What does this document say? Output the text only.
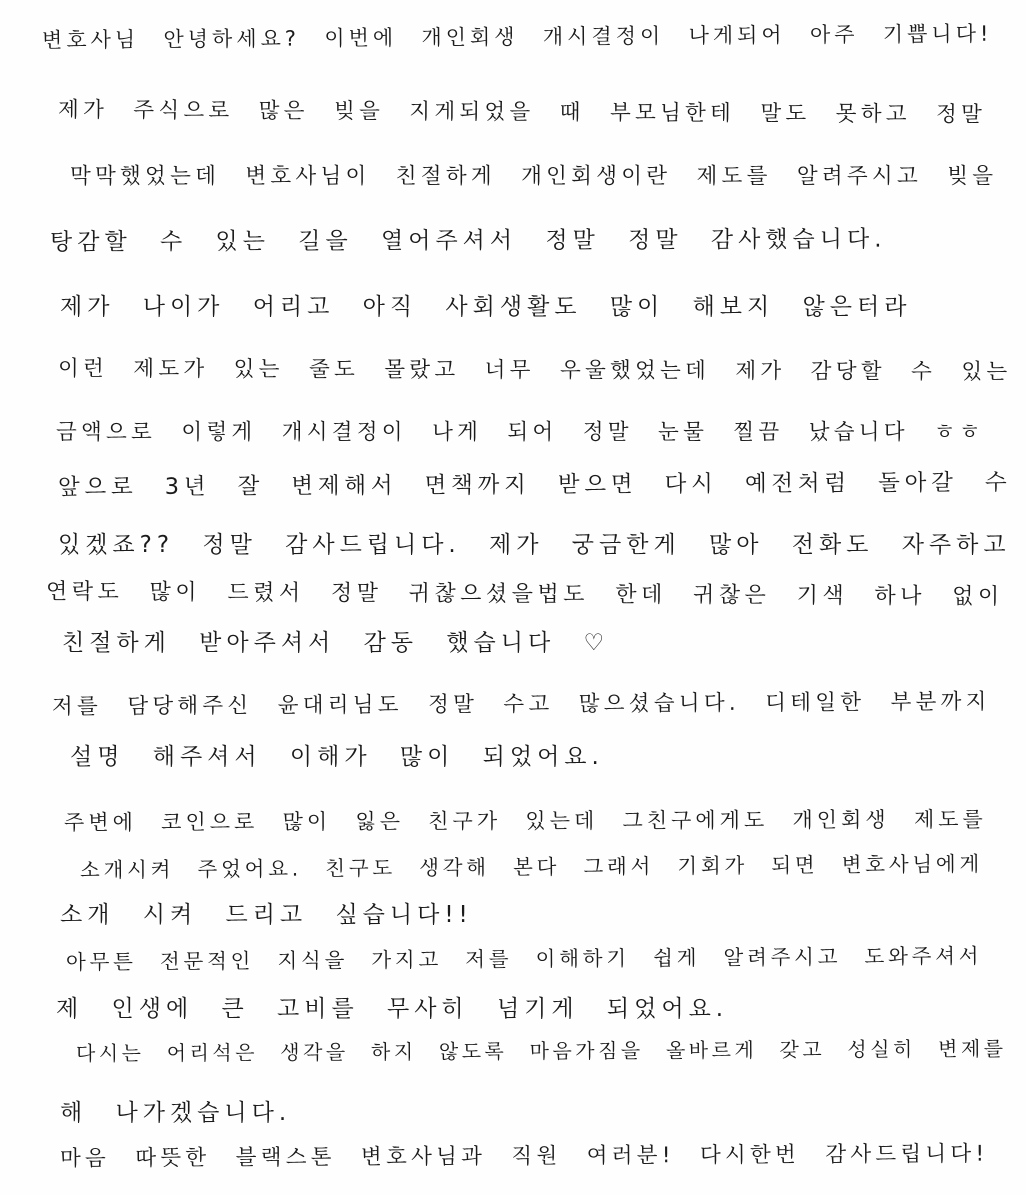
변호사님 안녕하세요? 이번에 개인회생 개시결정이 나게되어 아주 기쁩니다!
제가 주식으로 많은 빚을 지게되었을 때 부모님한테 말도 못하고 정말
막막했었는데 변호사님이 친절하게 개인회생이란 제도를 알려주시고 빚을
탕감할 수 있는 길을 열어주셔서 정말 정말 감사했습니다.
제가 나이가 어리고 아직 사회생활도 많이 해보지 않은터라
이런 제도가 있는 줄도 몰랐고 너무 우울했었는데 제가 감당할 수 있는
금액으로 이렇게 개시결정이 나게 되어 정말 눈물 찔끔 났습니다 ㅎㅎ
앞으로 3년 잘 변제해서 면책까지 받으면 다시 예전처럼 돌아갈 수
있겠죠?? 정말 감사드립니다. 제가 궁금한게 많아 전화도 자주하고
연락도 많이 드렸서 정말 귀찮으셨을법도 한데 귀찮은 기색 하나 없이
친절하게 받아주셔서 감동 했습니다 ♡
저를 담당해주신 윤대리님도 정말 수고 많으셨습니다. 디테일한 부분까지
설명 해주셔서 이해가 많이 되었어요.
주변에 코인으로 많이 잃은 친구가 있는데 그친구에게도 개인회생 제도를
소개시켜 주었어요. 친구도 생각해 본다 그래서 기회가 되면 변호사님에게
소개 시켜 드리고 싶습니다!!
아무튼 전문적인 지식을 가지고 저를 이해하기 쉽게 알려주시고 도와주셔서
제 인생에 큰 고비를 무사히 넘기게 되었어요.
다시는 어리석은 생각을 하지 않도록 마음가짐을 올바르게 갖고 성실히 변제를
해 나가겠습니다.
마음 따뜻한 블랙스톤 변호사님과 직원 여러분! 다시한번 감사드립니다!
